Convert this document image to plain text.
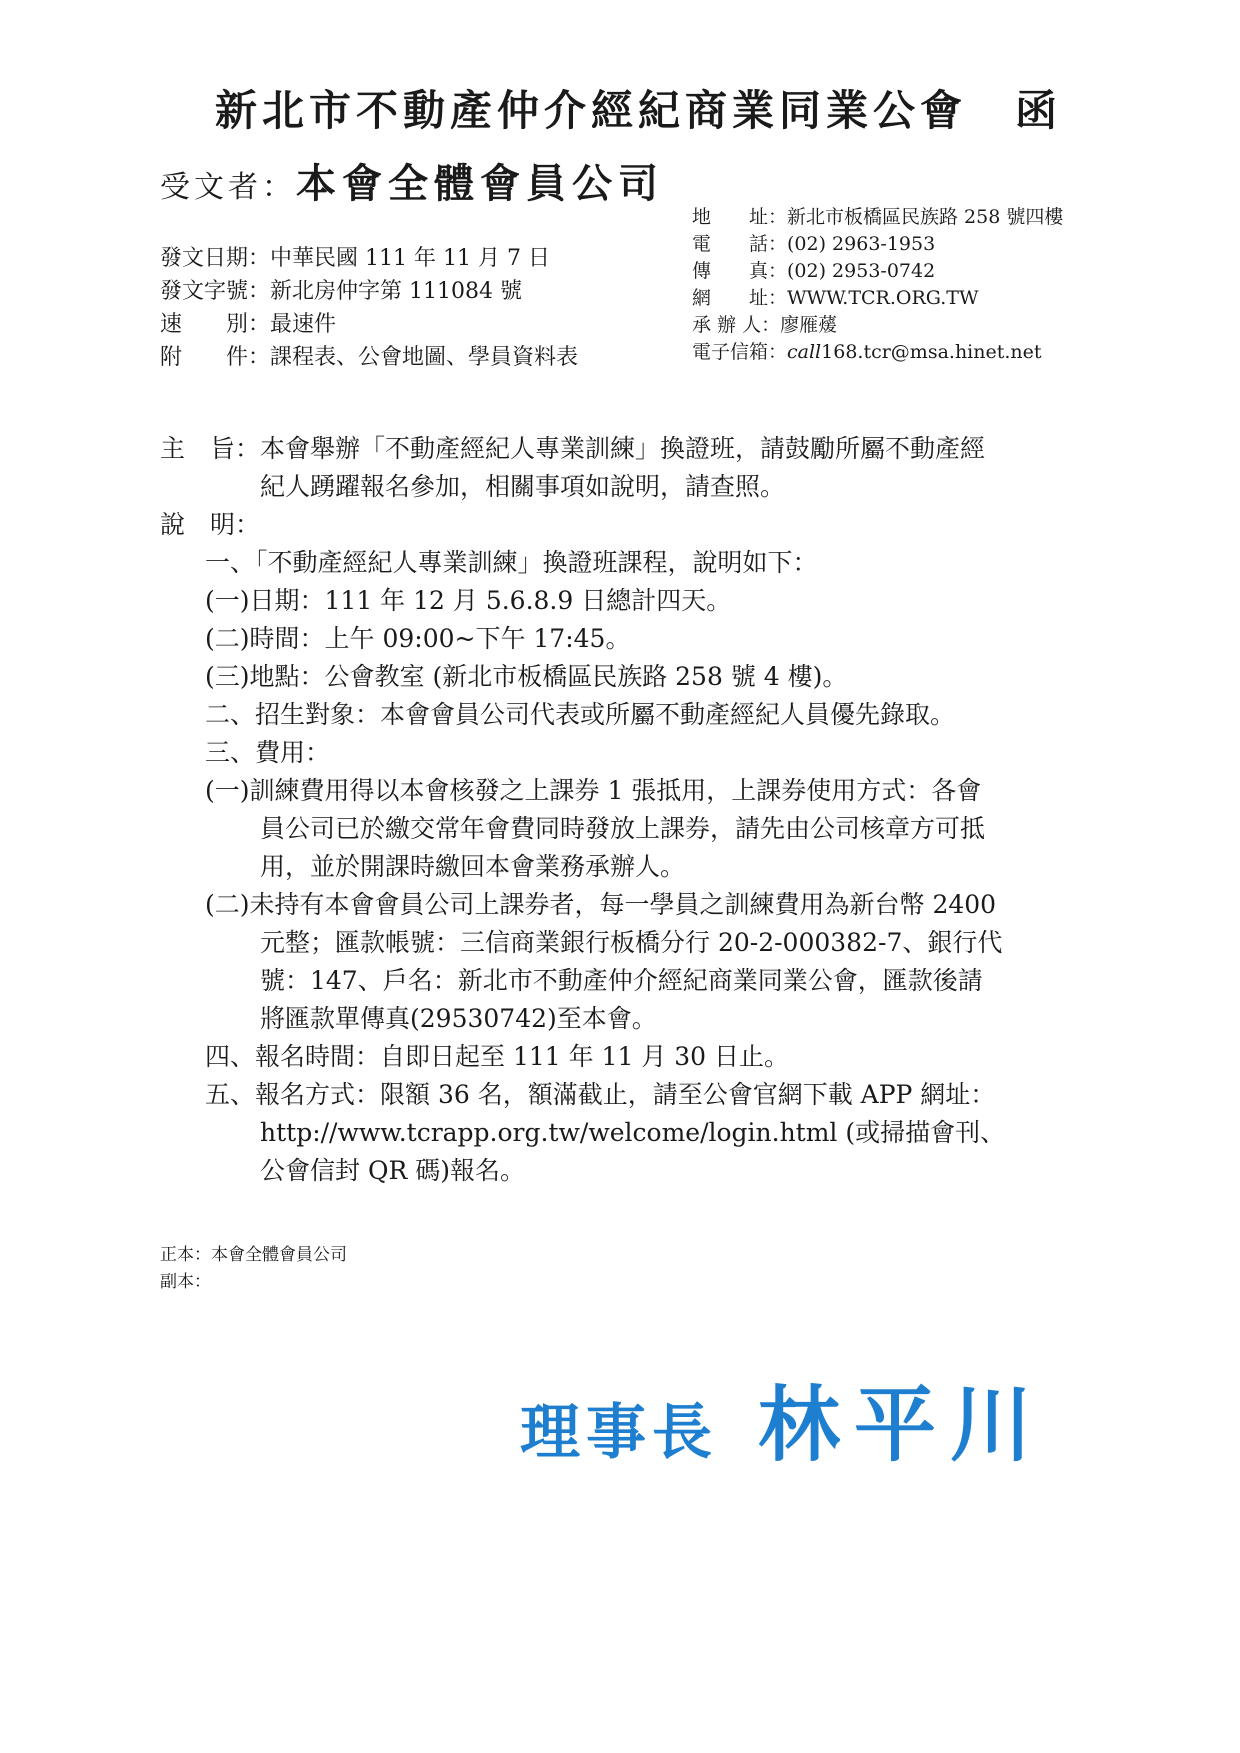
新北市不動產仲介經紀商業同業公會 函
受文者：本會全體會員公司
地　　址：新北市板橋區民族路 258 號四樓
電　　話：(02) 2963-1953
傳　　真：(02) 2953-0742
網　　址：WWW.TCR.ORG.TW
承 辦 人：廖雁蕿
電子信箱：call168.tcr@msa.hinet.net
發文日期：中華民國 111 年 11 月 7 日
發文字號：新北房仲字第 111084 號
速　　別：最速件
附　　件：課程表、公會地圖、學員資料表
主　旨：本會舉辦「不動產經紀人專業訓練」換證班，請鼓勵所屬不動產經
紀人踴躍報名參加，相關事項如說明，請查照。
說　明：
一、「不動產經紀人專業訓練」換證班課程，說明如下：
(一)日期：111 年 12 月 5.6.8.9 日總計四天。
(二)時間：上午 09:00~下午 17:45。
(三)地點：公會教室 (新北市板橋區民族路 258 號 4 樓)。
二、招生對象：本會會員公司代表或所屬不動產經紀人員優先錄取。
三、費用：
(一)訓練費用得以本會核發之上課券 1 張抵用，上課券使用方式：各會
員公司已於繳交常年會費同時發放上課券，請先由公司核章方可抵
用，並於開課時繳回本會業務承辦人。
(二)未持有本會會員公司上課券者，每一學員之訓練費用為新台幣 2400
元整；匯款帳號：三信商業銀行板橋分行 20-2-000382-7、銀行代
號：147、戶名：新北市不動產仲介經紀商業同業公會，匯款後請
將匯款單傳真(29530742)至本會。
四、報名時間：自即日起至 111 年 11 月 30 日止。
五、報名方式：限額 36 名，額滿截止，請至公會官網下載 APP 網址：
http://www.tcrapp.org.tw/welcome/login.html (或掃描會刊、
公會信封 QR 碼)報名。
正本：本會全體會員公司
副本：
理事長 林平川
